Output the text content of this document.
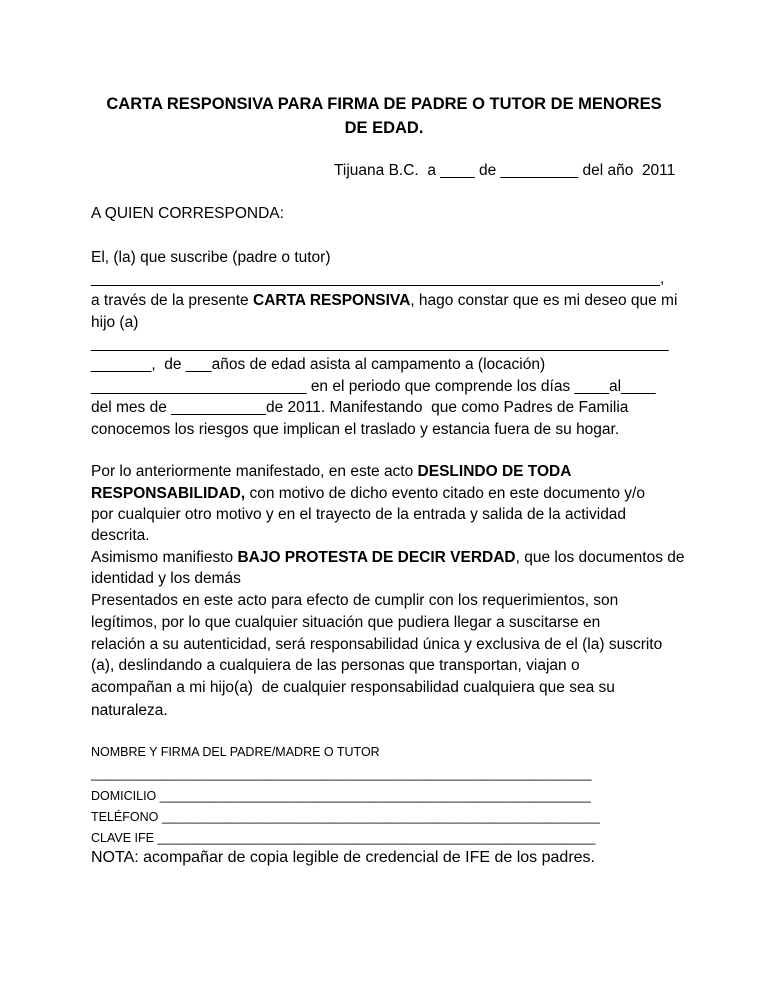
CARTA RESPONSIVA PARA FIRMA DE PADRE O TUTOR DE MENORES
DE EDAD.
Tijuana B.C.  a ____ de _________ del año  2011
A QUIEN CORRESPONDA:
El, (la) que suscribe (padre o tutor)
__________________________________________________________________,
a través de la presente CARTA RESPONSIVA, hago constar que es mi deseo que mi
hijo (a)
___________________________________________________________________
_______,  de ___años de edad asista al campamento a (locación)
_________________________ en el periodo que comprende los días ____al____
del mes de ___________de 2011. Manifestando  que como Padres de Familia
conocemos los riesgos que implican el traslado y estancia fuera de su hogar.
Por lo anteriormente manifestado, en este acto DESLINDO DE TODA
RESPONSABILIDAD, con motivo de dicho evento citado en este documento y/o
por cualquier otro motivo y en el trayecto de la entrada y salida de la actividad
descrita.
Asimismo manifiesto BAJO PROTESTA DE DECIR VERDAD, que los documentos de
identidad y los demás
Presentados en este acto para efecto de cumplir con los requerimientos, son
legítimos, por lo que cualquier situación que pudiera llegar a suscitarse en
relación a su autenticidad, será responsabilidad única y exclusiva de el (la) suscrito
(a), deslindando a cualquiera de las personas que transportan, viajan o
acompañan a mi hijo(a)  de cualquier responsabilidad cualquiera que sea su
naturaleza.
NOMBRE Y FIRMA DEL PADRE/MADRE O TUTOR
________________________________________________________________________
DOMICILIO ______________________________________________________________
TELÉFONO _______________________________________________________________
CLAVE IFE _______________________________________________________________
NOTA: acompañar de copia legible de credencial de IFE de los padres.
